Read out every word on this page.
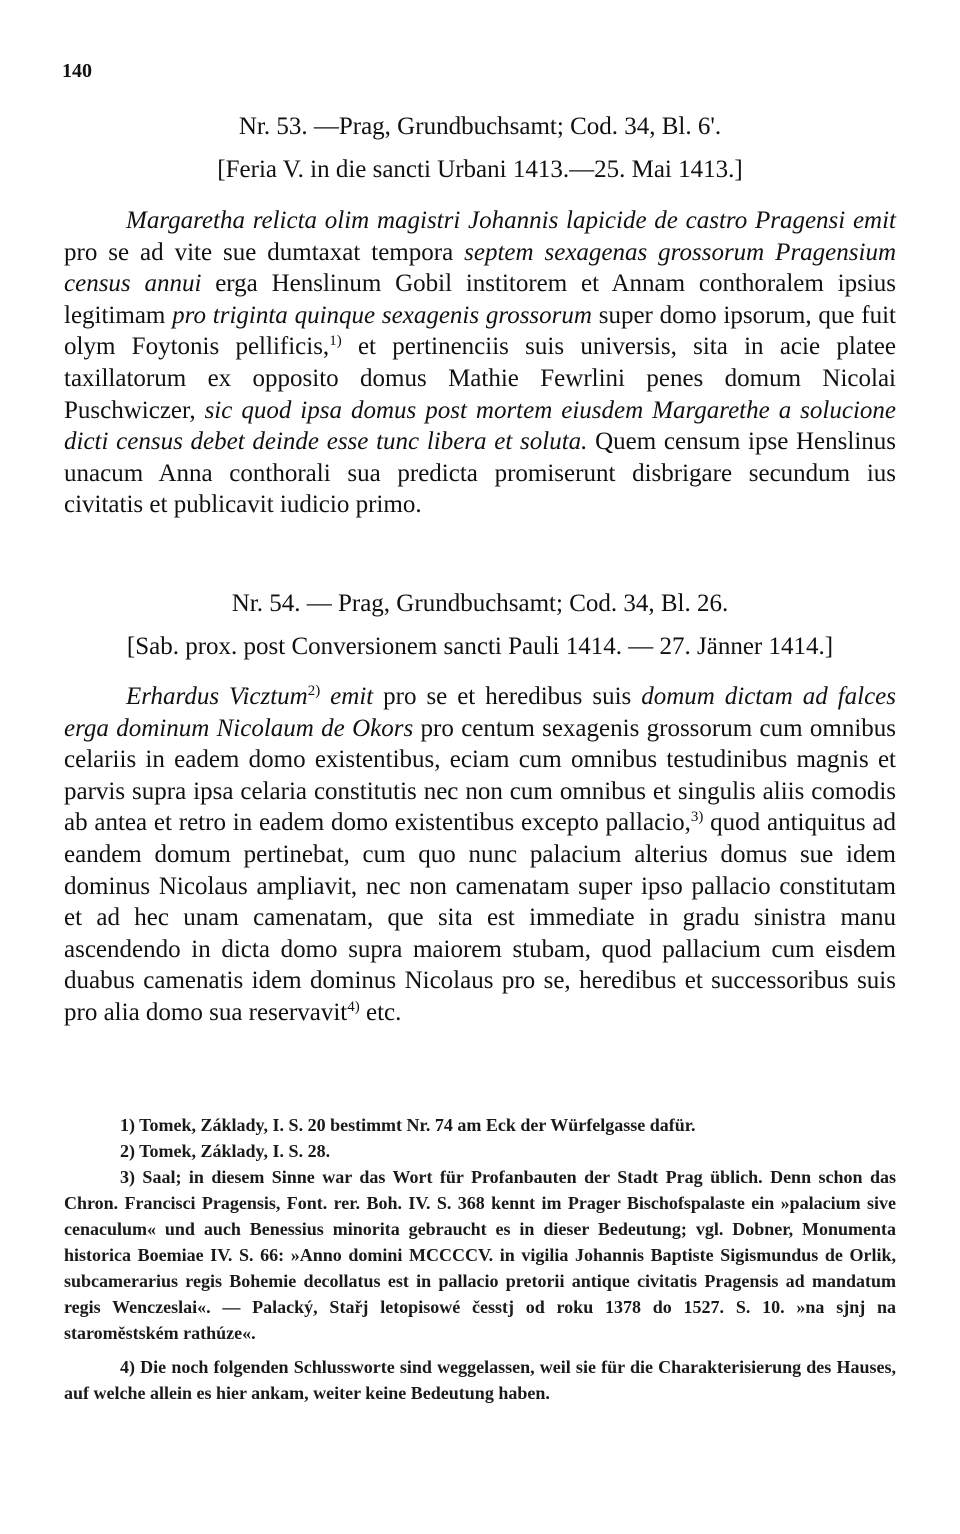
140
Nr. 53. —Prag, Grundbuchsamt; Cod. 34, Bl. 6'.
[Feria V. in die sancti Urbani 1413.—25. Mai 1413.]
Margaretha relicta olim magistri Johannis lapicide de castro Pragensi emit pro se ad vite sue dumtaxat tempora septem sexagenas grossorum Pragensium census annui erga Henslinum Gobil institorem et Annam conthoralem ipsius legitimam pro triginta quinque sexagenis grossorum super domo ipsorum, que fuit olym Foytonis pellificis,$^{1)}$ et pertinenciis suis universis, sita in acie platee taxillatorum ex opposito domus Mathie Fewrlini penes domum Nicolai Puschwiczer, sic quod ipsa domus post mortem eiusdem Margarethe a solucione dicti census debet deinde esse tunc libera et soluta. Quem censum ipse Henslinus unacum Anna conthorali sua predicta promiserunt disbrigare secundum ius civitatis et publicavit iudicio primo.
Nr. 54. — Prag, Grundbuchsamt; Cod. 34, Bl. 26.
[Sab. prox. post Conversionem sancti Pauli 1414. — 27. Jänner 1414.]
Erhardus Vicztum$^{2)}$ emit pro se et heredibus suis domum dictam ad falces erga dominum Nicolaum de Okors pro centum sexagenis grossorum cum omnibus celariis in eadem domo existentibus, eciam cum omnibus testudinibus magnis et parvis supra ipsa celaria constitutis nec non cum omnibus et singulis aliis comodis ab antea et retro in eadem domo existentibus excepto pallacio,$^{3)}$ quod antiquitus ad eandem domum pertinebat, cum quo nunc palacium alterius domus sue idem dominus Nicolaus ampliavit, nec non camenatam super ipso pallacio constitutam et ad hec unam camenatam, que sita est immediate in gradu sinistra manu ascendendo in dicta domo supra maiorem stubam, quod pallacium cum eisdem duabus camenatis idem dominus Nicolaus pro se, heredibus et successoribus suis pro alia domo sua reservavit$^{4)}$ etc.
1) Tomek, Základy, I. S. 20 bestimmt Nr. 74 am Eck der Würfelgasse dafür.
2) Tomek, Základy, I. S. 28.
3) Saal; in diesem Sinne war das Wort für Profanbauten der Stadt Prag üblich. Denn schon das Chron. Francisci Pragensis, Font. rer. Boh. IV. S. 368 kennt im Prager Bischofspalaste ein »palacium sive cenaculum« und auch Benessius minorita gebraucht es in dieser Bedeutung; vgl. Dobner, Monumenta historica Boemiae IV. S. 66: »Anno domini MCCCCV. in vigilia Johannis Baptiste Sigismundus de Orlik, subcamerarius regis Bohemie decollatus est in pallacio pretorii antique civitatis Pragensis ad mandatum regis Wenczeslai«. — Palacký, Stařj letopisowé česstj od roku 1378 do 1527. S. 10. »na sjnj na staroměstském rathúze«.
4) Die noch folgenden Schlussworte sind weggelassen, weil sie für die Charakterisierung des Hauses, auf welche allein es hier ankam, weiter keine Bedeutung haben.
